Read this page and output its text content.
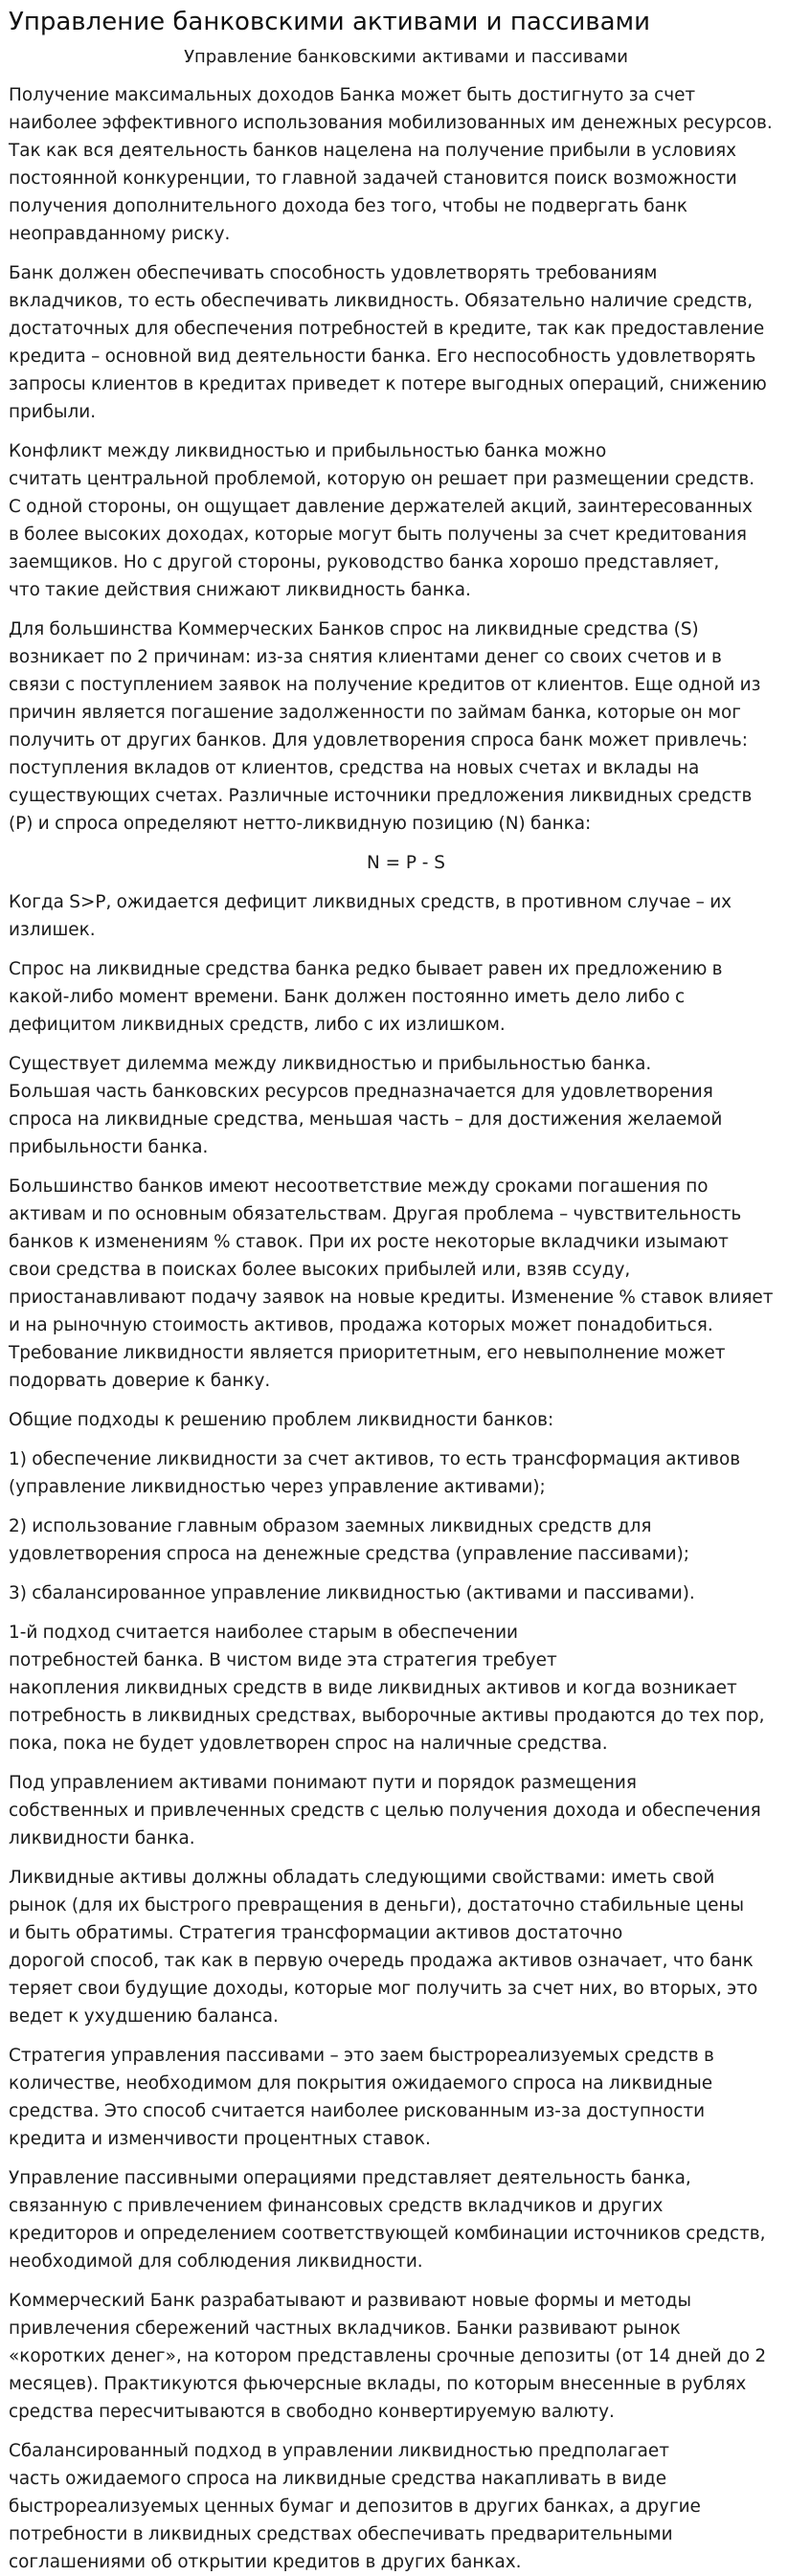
Управление банковскими активами и пассивами
Управление банковскими активами и пассивами

Получение максимальных доходов Банка может быть достигнуто за счет
наиболее эффективного использования мобилизованных им денежных ресурсов.
Так как вся деятельность банков нацелена на получение прибыли в условиях
постоянной конкуренции, то главной задачей становится поиск возможности
получения дополнительного дохода без того, чтобы не подвергать банк
неоправданному риску.

Банк должен обеспечивать способность удовлетворять требованиям
вкладчиков, то есть обеспечивать ликвидность. Обязательно наличие средств,
достаточных для обеспечения потребностей в кредите, так как предоставление
кредита – основной вид деятельности банка. Его неспособность удовлетворять
запросы клиентов в кредитах приведет к потере выгодных операций, снижению
прибыли.

Конфликт между ликвидностью и прибыльностью банка можно
считать центральной проблемой, которую он решает при размещении средств.
С одной стороны, он ощущает давление держателей акций, заинтересованных
в более высоких доходах, которые могут быть получены за счет кредитования
заемщиков. Но с другой стороны, руководство банка хорошо представляет,
что такие действия снижают ликвидность банка.

Для большинства Коммерческих Банков спрос на ликвидные средства (S)
возникает по 2 причинам: из-за снятия клиентами денег со своих счетов и в
связи с поступлением заявок на получение кредитов от клиентов. Еще одной из
причин является погашение задолженности по займам банка, которые он мог
получить от других банков. Для удовлетворения спроса банк может привлечь:
поступления вкладов от клиентов, средства на новых счетах и вклады на
существующих счетах. Различные источники предложения ликвидных средств
(Р) и спроса определяют нетто-ликвидную позицию (N) банка:

N = P - S

Когда S>P, ожидается дефицит ликвидных средств, в противном случае – их
излишек.

Спрос на ликвидные средства банка редко бывает равен их предложению в
какой-либо момент времени. Банк должен постоянно иметь дело либо с
дефицитом ликвидных средств, либо с их излишком.

Существует дилемма между ликвидностью и прибыльностью банка.
Большая часть банковских ресурсов предназначается для удовлетворения
спроса на ликвидные средства, меньшая часть – для достижения желаемой
прибыльности банка.

Большинство банков имеют несоответствие между сроками погашения по
активам и по основным обязательствам. Другая проблема – чувствительность
банков к изменениям % ставок. При их росте некоторые вкладчики изымают
свои средства в поисках более высоких прибылей или, взяв ссуду,
приостанавливают подачу заявок на новые кредиты. Изменение % ставок влияет
и на рыночную стоимость активов, продажа которых может понадобиться.
Требование ликвидности является приоритетным, его невыполнение может
подорвать доверие к банку.

Общие подходы к решению проблем ликвидности банков:

1) обеспечение ликвидности за счет активов, то есть трансформация активов
(управление ликвидностью через управление активами);

2) использование главным образом заемных ликвидных средств для
удовлетворения спроса на денежные средства (управление пассивами);

3) сбалансированное управление ликвидностью (активами и пассивами).

1-й подход считается наиболее старым в обеспечении
потребностей банка. В чистом виде эта стратегия требует
накопления ликвидных средств в виде ликвидных активов и когда возникает
потребность в ликвидных средствах, выборочные активы продаются до тех пор,
пока, пока не будет удовлетворен спрос на наличные средства.

Под управлением активами понимают пути и порядок размещения
собственных и привлеченных средств с целью получения дохода и обеспечения
ликвидности банка.

Ликвидные активы должны обладать следующими свойствами: иметь свой
рынок (для их быстрого превращения в деньги), достаточно стабильные цены
и быть обратимы. Стратегия трансформации активов достаточно
дорогой способ, так как в первую очередь продажа активов означает, что банк
теряет свои будущие доходы, которые мог получить за счет них, во вторых, это
ведет к ухудшению баланса.

Стратегия управления пассивами – это заем быстрореализуемых средств в
количестве, необходимом для покрытия ожидаемого спроса на ликвидные
средства. Это способ считается наиболее рискованным из-за доступности
кредита и изменчивости процентных ставок.

Управление пассивными операциями представляет деятельность банка,
связанную с привлечением финансовых средств вкладчиков и других
кредиторов и определением соответствующей комбинации источников средств,
необходимой для соблюдения ликвидности.

Коммерческий Банк разрабатывают и развивают новые формы и методы
привлечения сбережений частных вкладчиков. Банки развивают рынок
«коротких денег», на котором представлены срочные депозиты (от 14 дней до 2
месяцев). Практикуются фьючерсные вклады, по которым внесенные в рублях
средства пересчитываются в свободно конвертируемую валюту.

Сбалансированный подход в управлении ликвидностью предполагает
часть ожидаемого спроса на ликвидные средства накапливать в виде
быстрореализуемых ценных бумаг и депозитов в других банках, а другие
потребности в ликвидных средствах обеспечивать предварительными
соглашениями об открытии кредитов в других банках.
